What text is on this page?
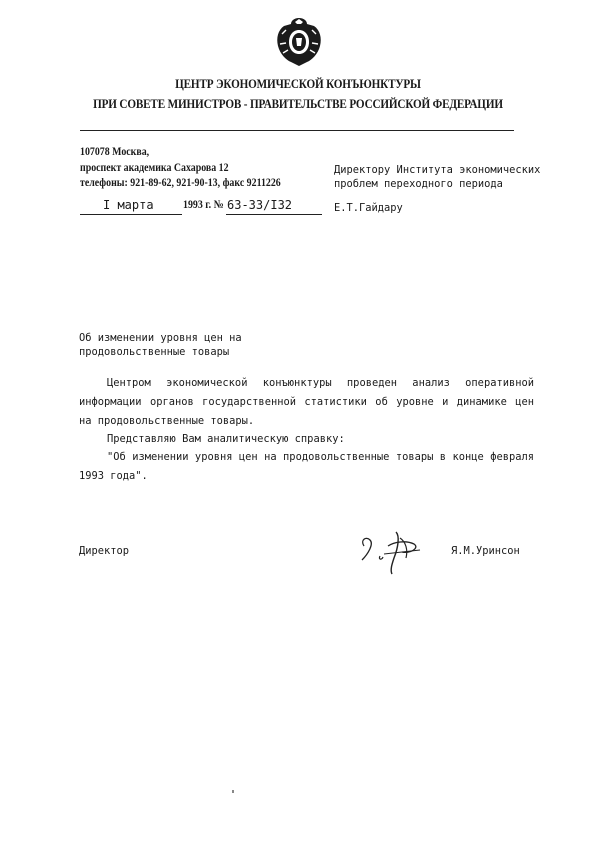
ЦЕНТР ЭКОНОМИЧЕСКОЙ КОНЪЮНКТУРЫ
ПРИ СОВЕТЕ МИНИСТРОВ - ПРАВИТЕЛЬСТВЕ РОССИЙСКОЙ ФЕДЕРАЦИИ
107078 Москва,
проспект академика Сахарова 12
телефоны: 921-89-62, 921-90-13, факс 9211226
I марта	1993 г. № 63-33/I32
Директору Института экономических
проблем переходного периода
Е.Т.Гайдару
Об изменении уровня цен на
продовольственные товары
Центром экономической конъюнктуры проведен анализ оперативной информации органов государственной статистики об уровне и динамике цен на продовольственные товары.
Представляю Вам аналитическую справку:
"Об изменении уровня цен на продовольственные товары в конце февраля 1993 года".
Директор	Я.М.Уринсон
